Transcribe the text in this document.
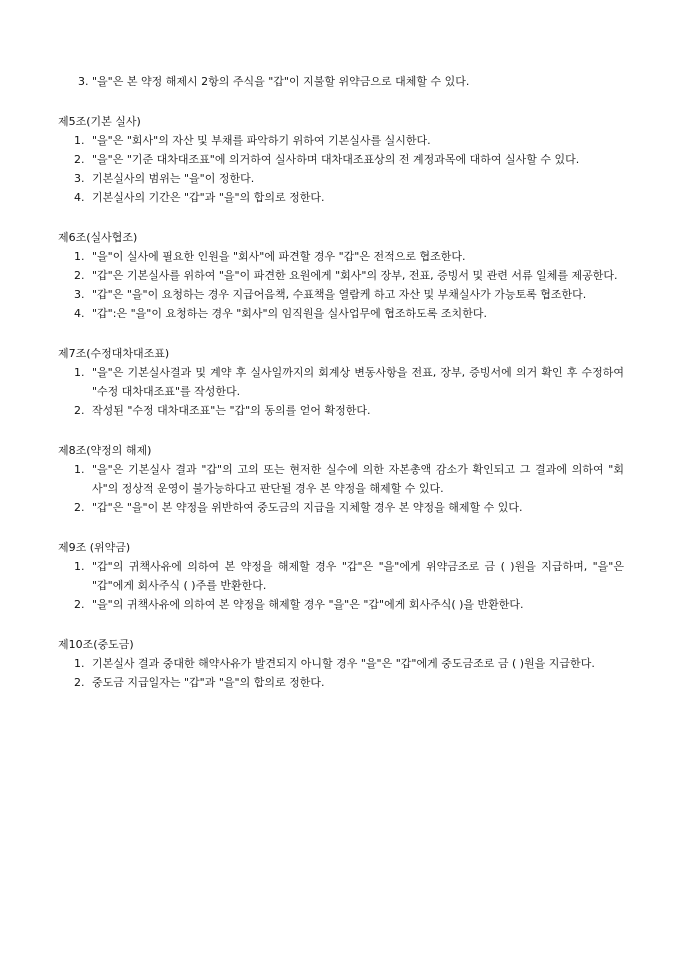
3. "을"은 본 약정 해제시 2항의 주식을 "갑"이 지불할 위약금으로 대체할 수 있다.
제5조(기본 실사)
1. "을"은 "회사"의 자산 및 부채를 파악하기 위하여 기본실사를 실시한다.
2. "을"은 "기준 대차대조표"에 의거하여 실사하며 대차대조표상의 전 계정과목에 대하여 실사할 수 있다.
3. 기본실사의 범위는 "을"이 정한다.
4. 기본실사의 기간은 "갑"과 "을"의 합의로 정한다.
제6조(실사협조)
1. "을"이 실사에 필요한 인원을 "회사"에 파견할 경우 "갑"은 전적으로 협조한다.
2. "갑"은 기본실사를 위하여 "을"이 파견한 요원에게 "회사"의 장부, 전표, 증빙서 및 관련 서류 일체를 제공한다.
3. "갑"은 "을"이 요청하는 경우 지급어음책, 수표책을 열람케 하고 자산 및 부채실사가 가능토록 협조한다.
4. "갑":은 "을"이 요청하는 경우 "회사"의 임직원을 실사업무에 협조하도록 조치한다.
제7조(수정대차대조표)
1. "을"은 기본실사결과 및 계약 후 실사일까지의 회계상 변동사항을 전표, 장부, 증빙서에 의거 확인 후 수정하여 "수정 대차대조표"를 작성한다.
2. 작성된 "수정 대차대조표"는 "갑"의 동의를 얻어 확정한다.
제8조(약정의 해제)
1. "을"은 기본실사 결과 "갑"의 고의 또는 현저한 실수에 의한 자본총액 감소가 확인되고 그 결과에 의하여 "회사"의 정상적 운영이 불가능하다고 판단될 경우 본 약정을 해제할 수 있다.
2. "갑"은 "을"이 본 약정을 위반하여 중도금의 지급을 지체할 경우 본 약정을 해제할 수 있다.
제9조 (위약금)
1. "갑"의 귀책사유에 의하여 본 약정을 해제할 경우 "갑"은 "을"에게 위약금조로 금 ( )원을 지급하며, "을"은 "갑"에게 회사주식 ( )주를 반환한다.
2. "을"의 귀책사유에 의하여 본 약정을 해제할 경우 "을"은 "갑"에게 회사주식( )을 반환한다.
제10조(중도금)
1. 기본실사 결과 중대한 해약사유가 발견되지 아니할 경우 "을"은 "갑"에게 중도금조로 금 ( )원을 지급한다.
2. 중도금 지급일자는 "갑"과 "을"의 합의로 정한다.
